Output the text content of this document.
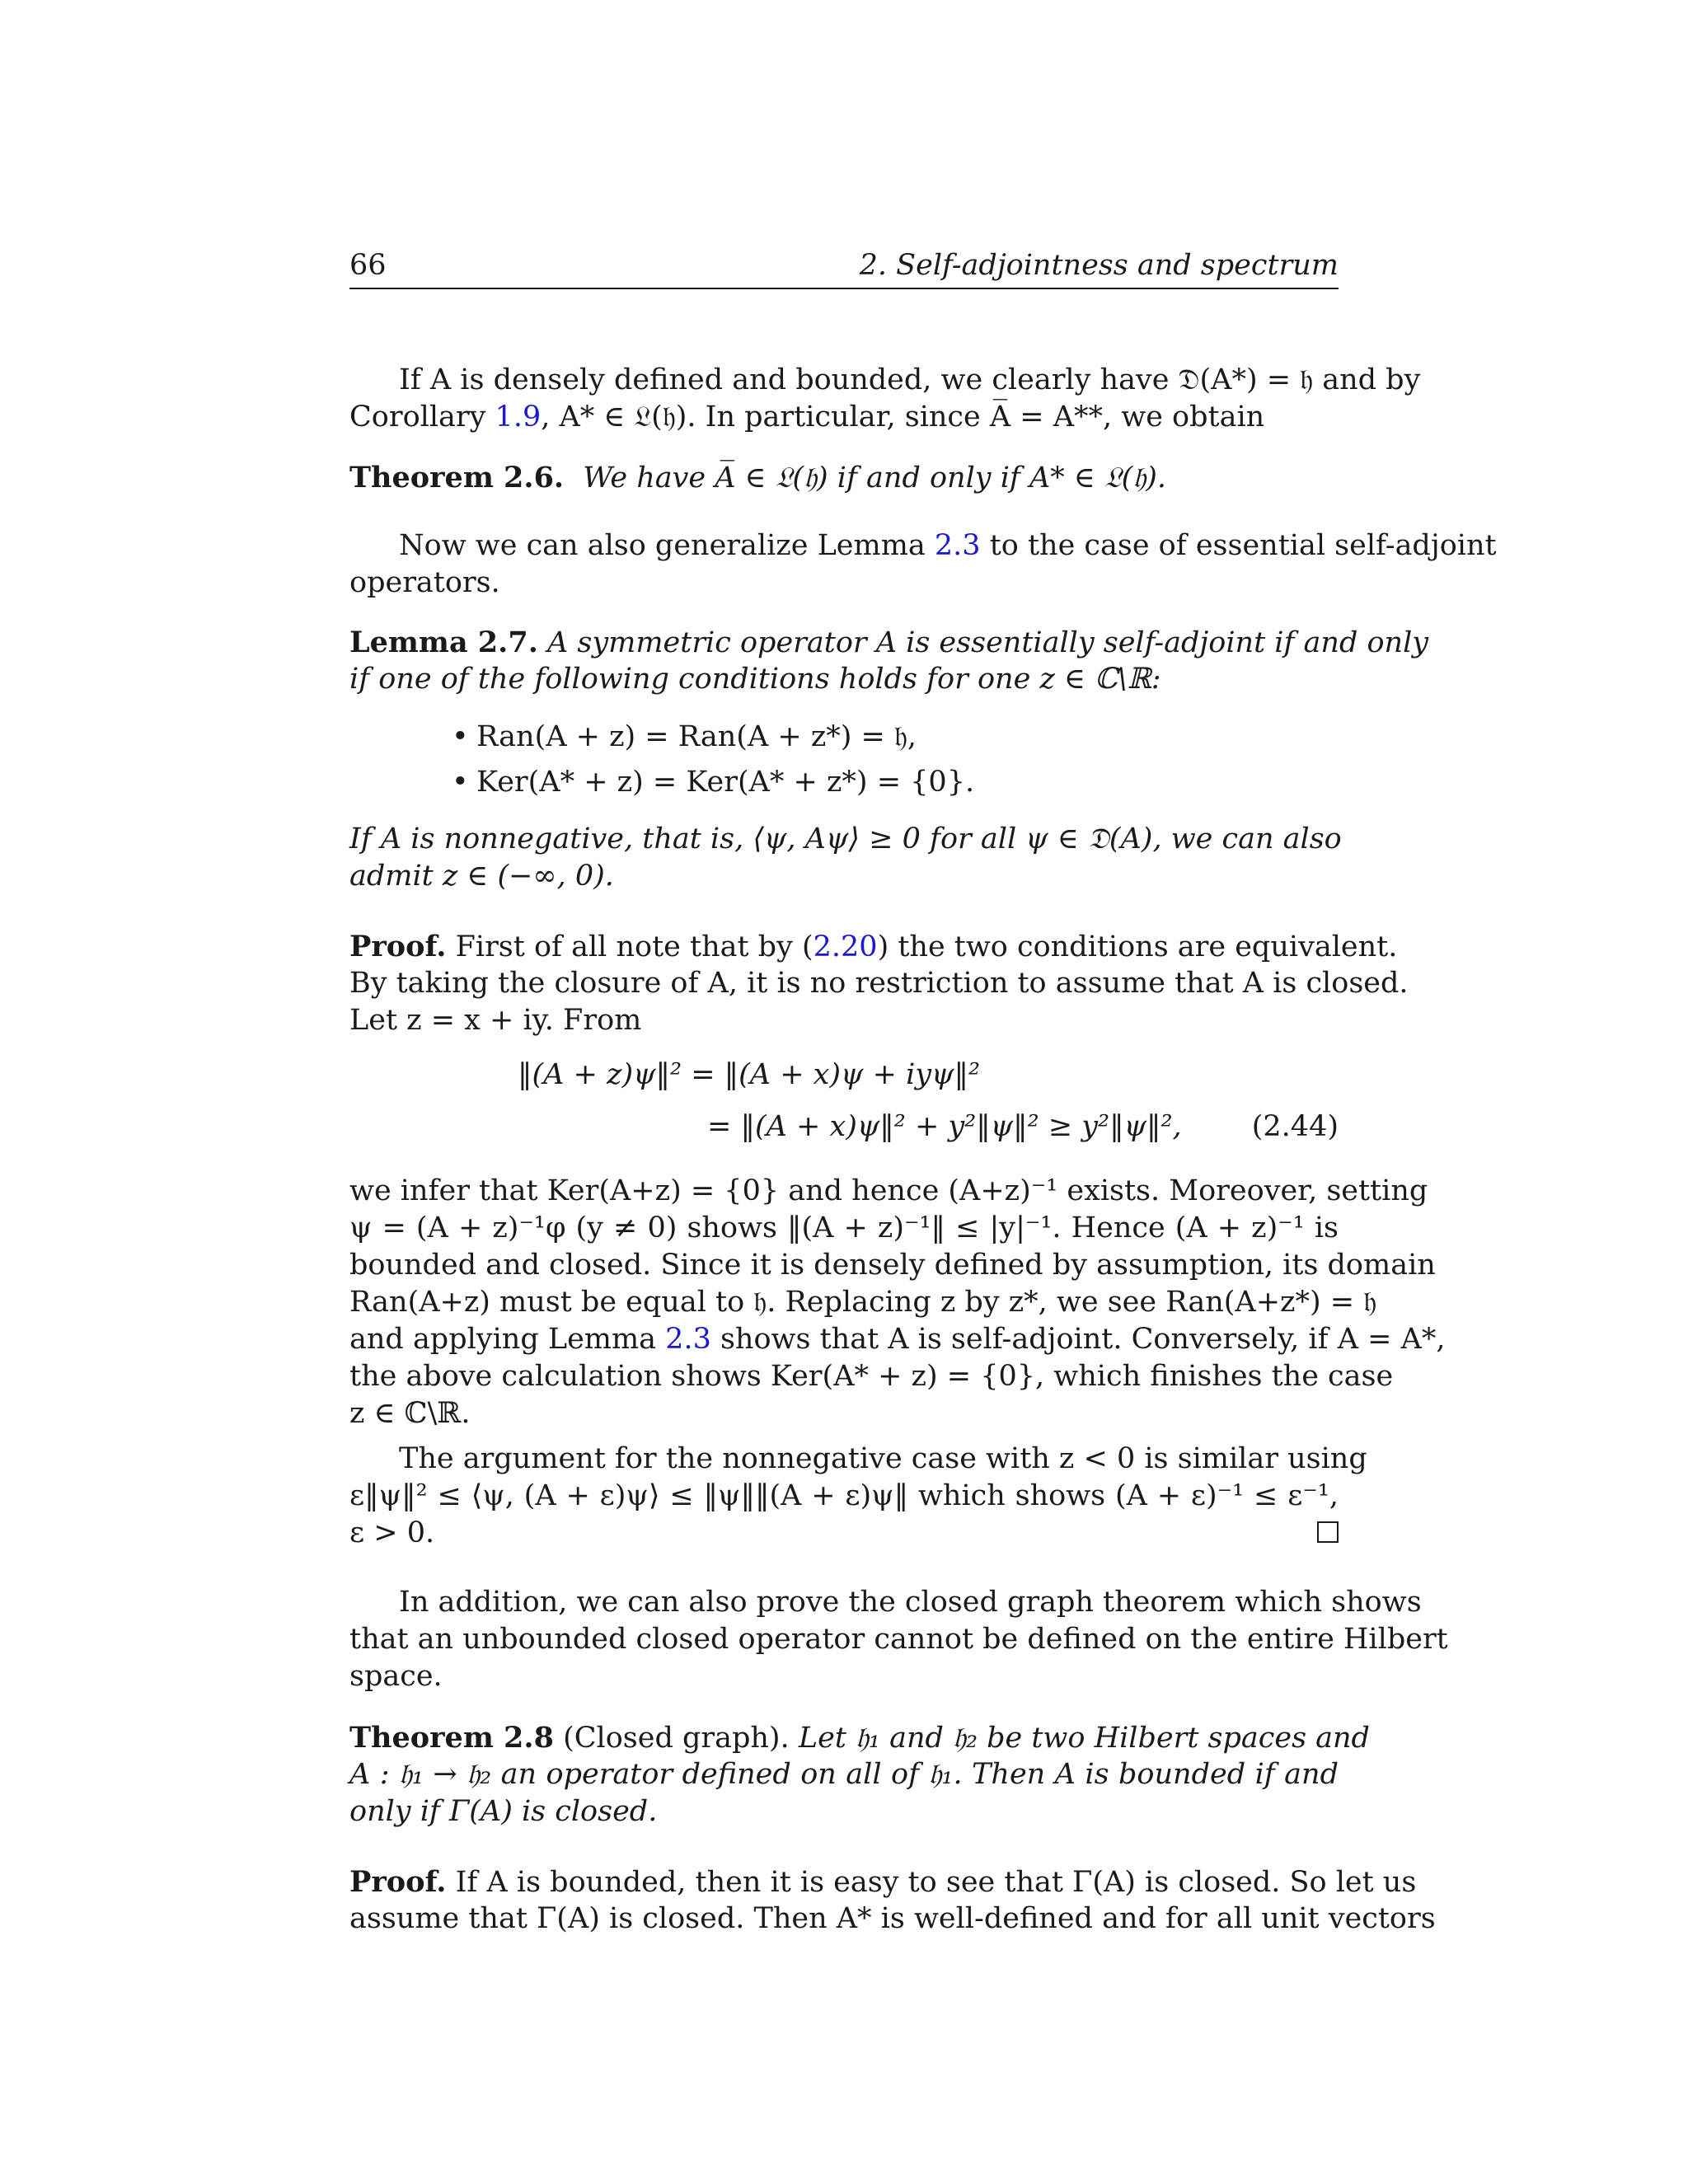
66	2. Self-adjointness and spectrum
If A is densely defined and bounded, we clearly have 𝔇(A*) = 𝔥 and by
Corollary 1.9, A* ∈ 𝔏(𝔥). In particular, since A̅ = A**, we obtain
Theorem 2.6. We have A̅ ∈ 𝔏(𝔥) if and only if A* ∈ 𝔏(𝔥).
Now we can also generalize Lemma 2.3 to the case of essential self-adjoint
operators.
Lemma 2.7. A symmetric operator A is essentially self-adjoint if and only
if one of the following conditions holds for one z ∈ ℂ\ℝ:
• Ran(A + z) = Ran(A + z*) = 𝔥,
• Ker(A* + z) = Ker(A* + z*) = {0}.
If A is nonnegative, that is, ⟨ψ, Aψ⟩ ≥ 0 for all ψ ∈ 𝔇(A), we can also
admit z ∈ (−∞, 0).
Proof. First of all note that by (2.20) the two conditions are equivalent.
By taking the closure of A, it is no restriction to assume that A is closed.
Let z = x + iy. From
‖(A + z)ψ‖² = ‖(A + x)ψ + iyψ‖²
= ‖(A + x)ψ‖² + y²‖ψ‖² ≥ y²‖ψ‖², (2.44)
we infer that Ker(A+z) = {0} and hence (A+z)⁻¹ exists. Moreover, setting
ψ = (A + z)⁻¹φ (y ≠ 0) shows ‖(A + z)⁻¹‖ ≤ |y|⁻¹. Hence (A + z)⁻¹ is
bounded and closed. Since it is densely defined by assumption, its domain
Ran(A+z) must be equal to 𝔥. Replacing z by z*, we see Ran(A+z*) = 𝔥
and applying Lemma 2.3 shows that A is self-adjoint. Conversely, if A = A*,
the above calculation shows Ker(A* + z) = {0}, which finishes the case
z ∈ ℂ\ℝ.
The argument for the nonnegative case with z < 0 is similar using
ε‖ψ‖² ≤ ⟨ψ, (A + ε)ψ⟩ ≤ ‖ψ‖‖(A + ε)ψ‖ which shows (A + ε)⁻¹ ≤ ε⁻¹,
ε > 0.
In addition, we can also prove the closed graph theorem which shows
that an unbounded closed operator cannot be defined on the entire Hilbert
space.
Theorem 2.8 (Closed graph). Let 𝔥₁ and 𝔥₂ be two Hilbert spaces and
A : 𝔥₁ → 𝔥₂ an operator defined on all of 𝔥₁. Then A is bounded if and
only if Γ(A) is closed.
Proof. If A is bounded, then it is easy to see that Γ(A) is closed. So let us
assume that Γ(A) is closed. Then A* is well-defined and for all unit vectors
